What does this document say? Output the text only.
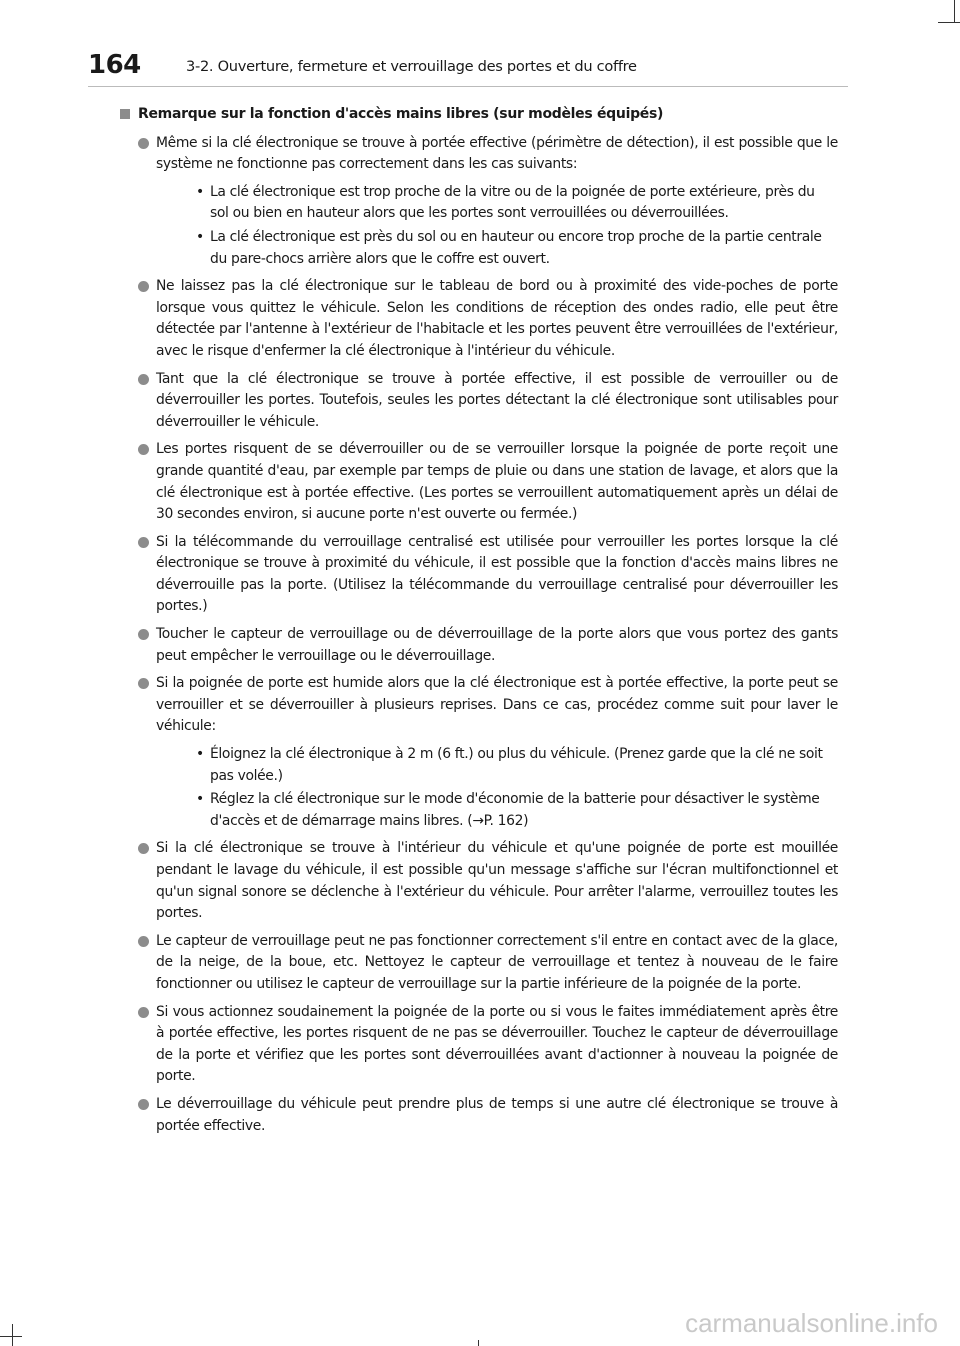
164	3-2. Ouverture, fermeture et verrouillage des portes et du coffre
Remarque sur la fonction d'accès mains libres (sur modèles équipés)
Même si la clé électronique se trouve à portée effective (périmètre de détection), il est possible que le système ne fonctionne pas correctement dans les cas suivants:
• La clé électronique est trop proche de la vitre ou de la poignée de porte extérieure, près du sol ou bien en hauteur alors que les portes sont verrouillées ou déverrouillées.
• La clé électronique est près du sol ou en hauteur ou encore trop proche de la partie centrale du pare-chocs arrière alors que le coffre est ouvert.
Ne laissez pas la clé électronique sur le tableau de bord ou à proximité des vide-poches de porte lorsque vous quittez le véhicule. Selon les conditions de réception des ondes radio, elle peut être détectée par l'antenne à l'extérieur de l'habitacle et les portes peuvent être verrouillées de l'extérieur, avec le risque d'enfermer la clé électronique à l'intérieur du véhicule.
Tant que la clé électronique se trouve à portée effective, il est possible de verrouiller ou de déverrouiller les portes. Toutefois, seules les portes détectant la clé électronique sont utilisables pour déverrouiller le véhicule.
Les portes risquent de se déverrouiller ou de se verrouiller lorsque la poignée de porte reçoit une grande quantité d'eau, par exemple par temps de pluie ou dans une station de lavage, et alors que la clé électronique est à portée effective. (Les portes se verrouillent automatiquement après un délai de 30 secondes environ, si aucune porte n'est ouverte ou fermée.)
Si la télécommande du verrouillage centralisé est utilisée pour verrouiller les portes lorsque la clé électronique se trouve à proximité du véhicule, il est possible que la fonction d'accès mains libres ne déverrouille pas la porte. (Utilisez la télécommande du verrouillage centralisé pour déverrouiller les portes.)
Toucher le capteur de verrouillage ou de déverrouillage de la porte alors que vous portez des gants peut empêcher le verrouillage ou le déverrouillage.
Si la poignée de porte est humide alors que la clé électronique est à portée effective, la porte peut se verrouiller et se déverrouiller à plusieurs reprises. Dans ce cas, procédez comme suit pour laver le véhicule:
• Éloignez la clé électronique à 2 m (6 ft.) ou plus du véhicule. (Prenez garde que la clé ne soit pas volée.)
• Réglez la clé électronique sur le mode d'économie de la batterie pour désactiver le système d'accès et de démarrage mains libres. (→P. 162)
Si la clé électronique se trouve à l'intérieur du véhicule et qu'une poignée de porte est mouillée pendant le lavage du véhicule, il est possible qu'un message s'affiche sur l'écran multifonctionnel et qu'un signal sonore se déclenche à l'extérieur du véhicule. Pour arrêter l'alarme, verrouillez toutes les portes.
Le capteur de verrouillage peut ne pas fonctionner correctement s'il entre en contact avec de la glace, de la neige, de la boue, etc. Nettoyez le capteur de verrouillage et tentez à nouveau de le faire fonctionner ou utilisez le capteur de verrouillage sur la partie inférieure de la poignée de la porte.
Si vous actionnez soudainement la poignée de la porte ou si vous le faites immédiatement après être à portée effective, les portes risquent de ne pas se déverrouiller. Touchez le capteur de déverrouillage de la porte et vérifiez que les portes sont déverrouillées avant d'actionner à nouveau la poignée de porte.
Le déverrouillage du véhicule peut prendre plus de temps si une autre clé électronique se trouve à portée effective.
carmanualsonline.info
